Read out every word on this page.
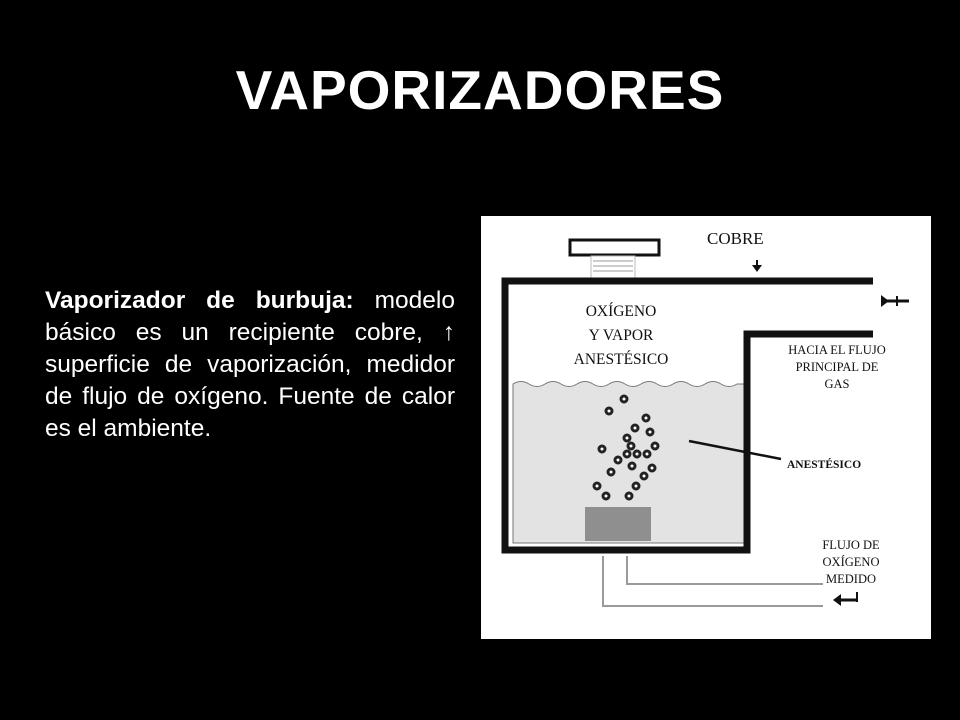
VAPORIZADORES
Vaporizador de burbuja: modelo básico es un recipiente cobre, ↑ superficie de vaporización, medidor de flujo de oxígeno. Fuente de calor es el ambiente.
COBRE
OXÍGENO
Y VAPOR
ANESTÉSICO
HACIA EL FLUJO
PRINCIPAL DE
GAS
ANESTÉSICO
FLUJO DE
OXÍGENO
MEDIDO
